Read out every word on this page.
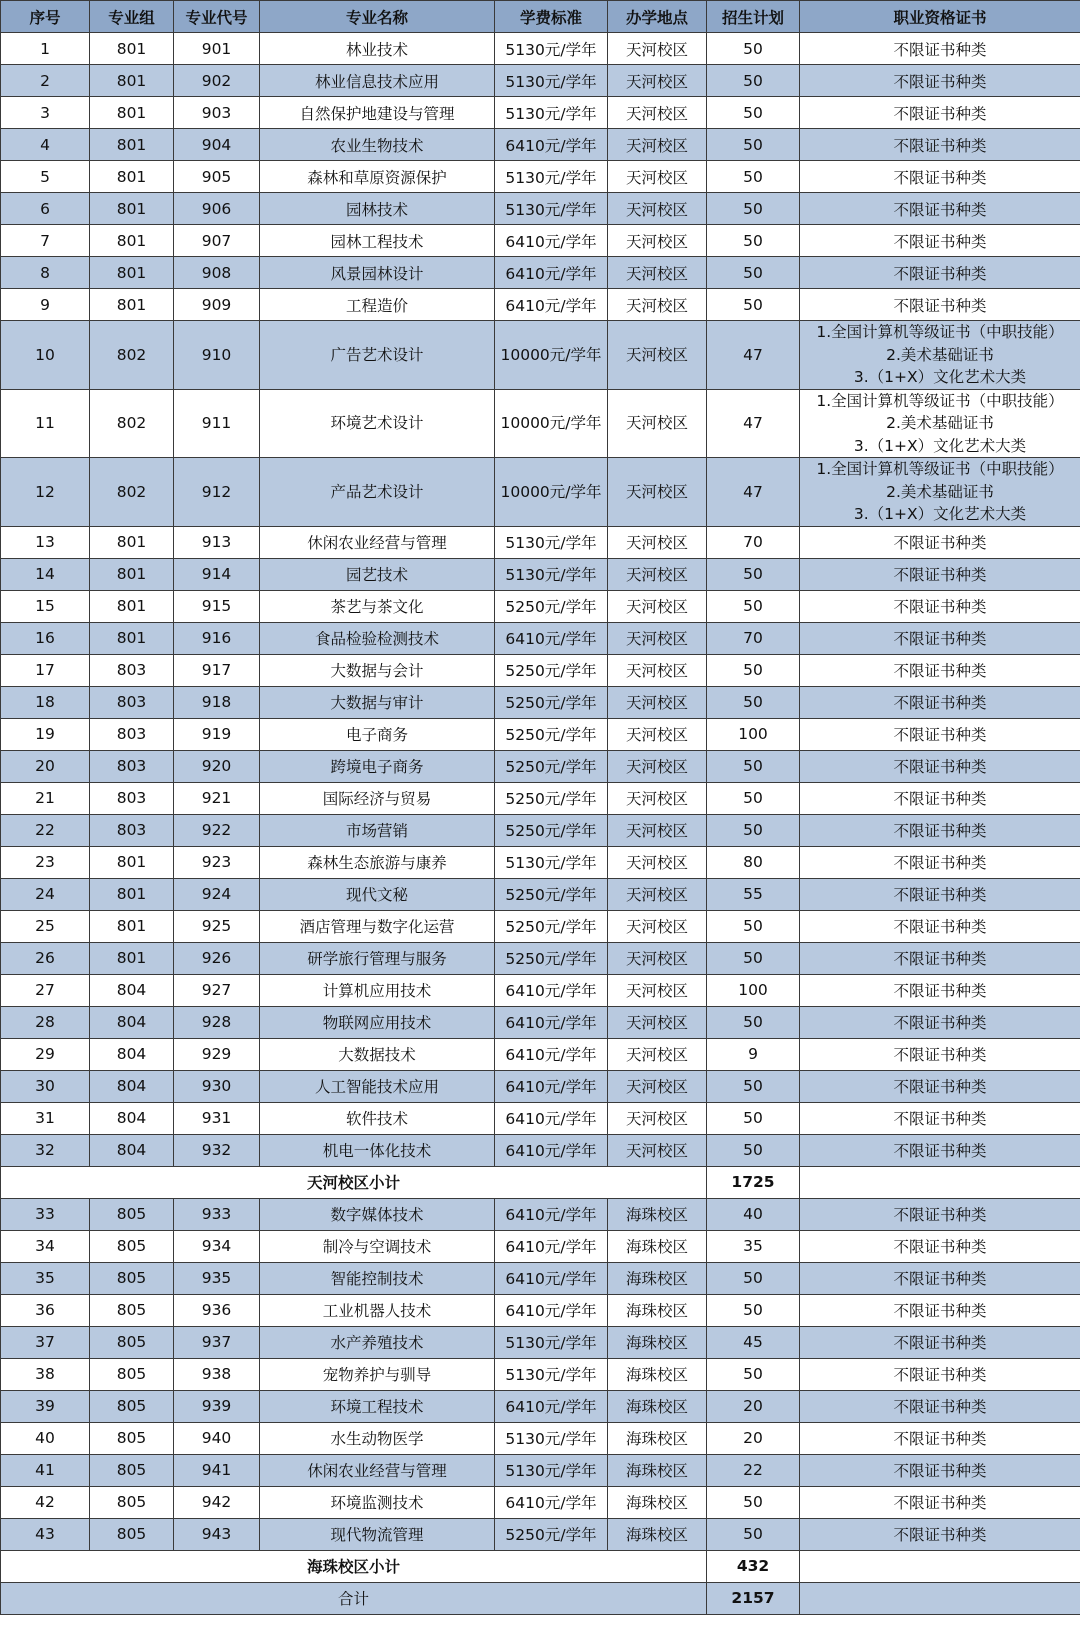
序号	专业组	专业代号	专业名称	学费标准	办学地点	招生计划	职业资格证书
1	801	901	林业技术	5130元/学年	天河校区	50	不限证书种类

2	801	902	林业信息技术应用	5130元/学年	天河校区	50	不限证书种类

3	801	903	自然保护地建设与管理	5130元/学年	天河校区	50	不限证书种类

4	801	904	农业生物技术	6410元/学年	天河校区	50	不限证书种类

5	801	905	森林和草原资源保护	5130元/学年	天河校区	50	不限证书种类

6	801	906	园林技术	5130元/学年	天河校区	50	不限证书种类

7	801	907	园林工程技术	6410元/学年	天河校区	50	不限证书种类

8	801	908	风景园林设计	6410元/学年	天河校区	50	不限证书种类

9	801	909	工程造价	6410元/学年	天河校区	50	不限证书种类

10	802	910	广告艺术设计	10000元/学年	天河校区	47	1.全国计算机等级证书（中职技能）
2.美术基础证书
3.（1+X）文化艺术大类

11	802	911	环境艺术设计	10000元/学年	天河校区	47	1.全国计算机等级证书（中职技能）
2.美术基础证书
3.（1+X）文化艺术大类

12	802	912	产品艺术设计	10000元/学年	天河校区	47	1.全国计算机等级证书（中职技能）
2.美术基础证书
3.（1+X）文化艺术大类

13	801	913	休闲农业经营与管理	5130元/学年	天河校区	70	不限证书种类

14	801	914	园艺技术	5130元/学年	天河校区	50	不限证书种类

15	801	915	茶艺与茶文化	5250元/学年	天河校区	50	不限证书种类

16	801	916	食品检验检测技术	6410元/学年	天河校区	70	不限证书种类

17	803	917	大数据与会计	5250元/学年	天河校区	50	不限证书种类

18	803	918	大数据与审计	5250元/学年	天河校区	50	不限证书种类

19	803	919	电子商务	5250元/学年	天河校区	100	不限证书种类

20	803	920	跨境电子商务	5250元/学年	天河校区	50	不限证书种类

21	803	921	国际经济与贸易	5250元/学年	天河校区	50	不限证书种类

22	803	922	市场营销	5250元/学年	天河校区	50	不限证书种类

23	801	923	森林生态旅游与康养	5130元/学年	天河校区	80	不限证书种类

24	801	924	现代文秘	5250元/学年	天河校区	55	不限证书种类

25	801	925	酒店管理与数字化运营	5250元/学年	天河校区	50	不限证书种类

26	801	926	研学旅行管理与服务	5250元/学年	天河校区	50	不限证书种类

27	804	927	计算机应用技术	6410元/学年	天河校区	100	不限证书种类

28	804	928	物联网应用技术	6410元/学年	天河校区	50	不限证书种类

29	804	929	大数据技术	6410元/学年	天河校区	9	不限证书种类

30	804	930	人工智能技术应用	6410元/学年	天河校区	50	不限证书种类

31	804	931	软件技术	6410元/学年	天河校区	50	不限证书种类

32	804	932	机电一体化技术	6410元/学年	天河校区	50	不限证书种类

天河校区小计						1725	
33	805	933	数字媒体技术	6410元/学年	海珠校区	40	不限证书种类

34	805	934	制冷与空调技术	6410元/学年	海珠校区	35	不限证书种类

35	805	935	智能控制技术	6410元/学年	海珠校区	50	不限证书种类

36	805	936	工业机器人技术	6410元/学年	海珠校区	50	不限证书种类

37	805	937	水产养殖技术	5130元/学年	海珠校区	45	不限证书种类

38	805	938	宠物养护与驯导	5130元/学年	海珠校区	50	不限证书种类

39	805	939	环境工程技术	6410元/学年	海珠校区	20	不限证书种类

40	805	940	水生动物医学	5130元/学年	海珠校区	20	不限证书种类

41	805	941	休闲农业经营与管理	5130元/学年	海珠校区	22	不限证书种类

42	805	942	环境监测技术	6410元/学年	海珠校区	50	不限证书种类

43	805	943	现代物流管理	5250元/学年	海珠校区	50	不限证书种类

海珠校区小计						432	
合计						2157	
